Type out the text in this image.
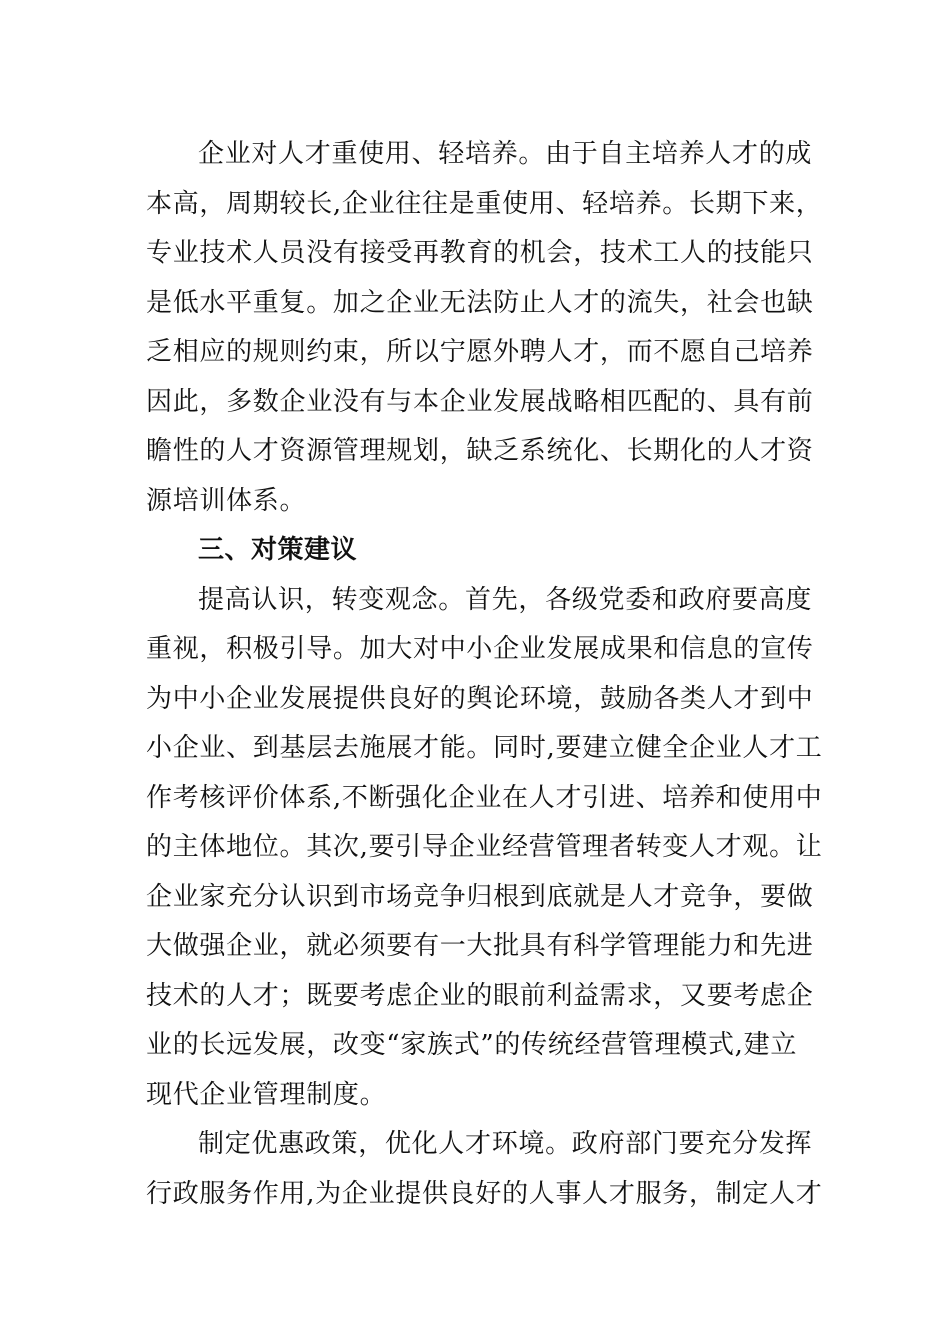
企业对人才重使用、轻培养。由于自主培养人才的成
本高，周期较长,企业往往是重使用、轻培养。长期下来，
专业技术人员没有接受再教育的机会，技术工人的技能只
是低水平重复。加之企业无法防止人才的流失，社会也缺
乏相应的规则约束，所以宁愿外聘人才，而不愿自己培养
因此，多数企业没有与本企业发展战略相匹配的、具有前
瞻性的人才资源管理规划，缺乏系统化、长期化的人才资
源培训体系。
三、对策建议
提高认识，转变观念。首先，各级党委和政府要高度
重视，积极引导。加大对中小企业发展成果和信息的宣传
为中小企业发展提供良好的舆论环境，鼓励各类人才到中
小企业、到基层去施展才能。同时,要建立健全企业人才工
作考核评价体系,不断强化企业在人才引进、培养和使用中
的主体地位。其次,要引导企业经营管理者转变人才观。让
企业家充分认识到市场竞争归根到底就是人才竞争，要做
大做强企业，就必须要有一大批具有科学管理能力和先进
技术的人才；既要考虑企业的眼前利益需求，又要考虑企
业的长远发展，改变“家族式”的传统经营管理模式,建立
现代企业管理制度。
制定优惠政策，优化人才环境。政府部门要充分发挥
行政服务作用,为企业提供良好的人事人才服务，制定人才
